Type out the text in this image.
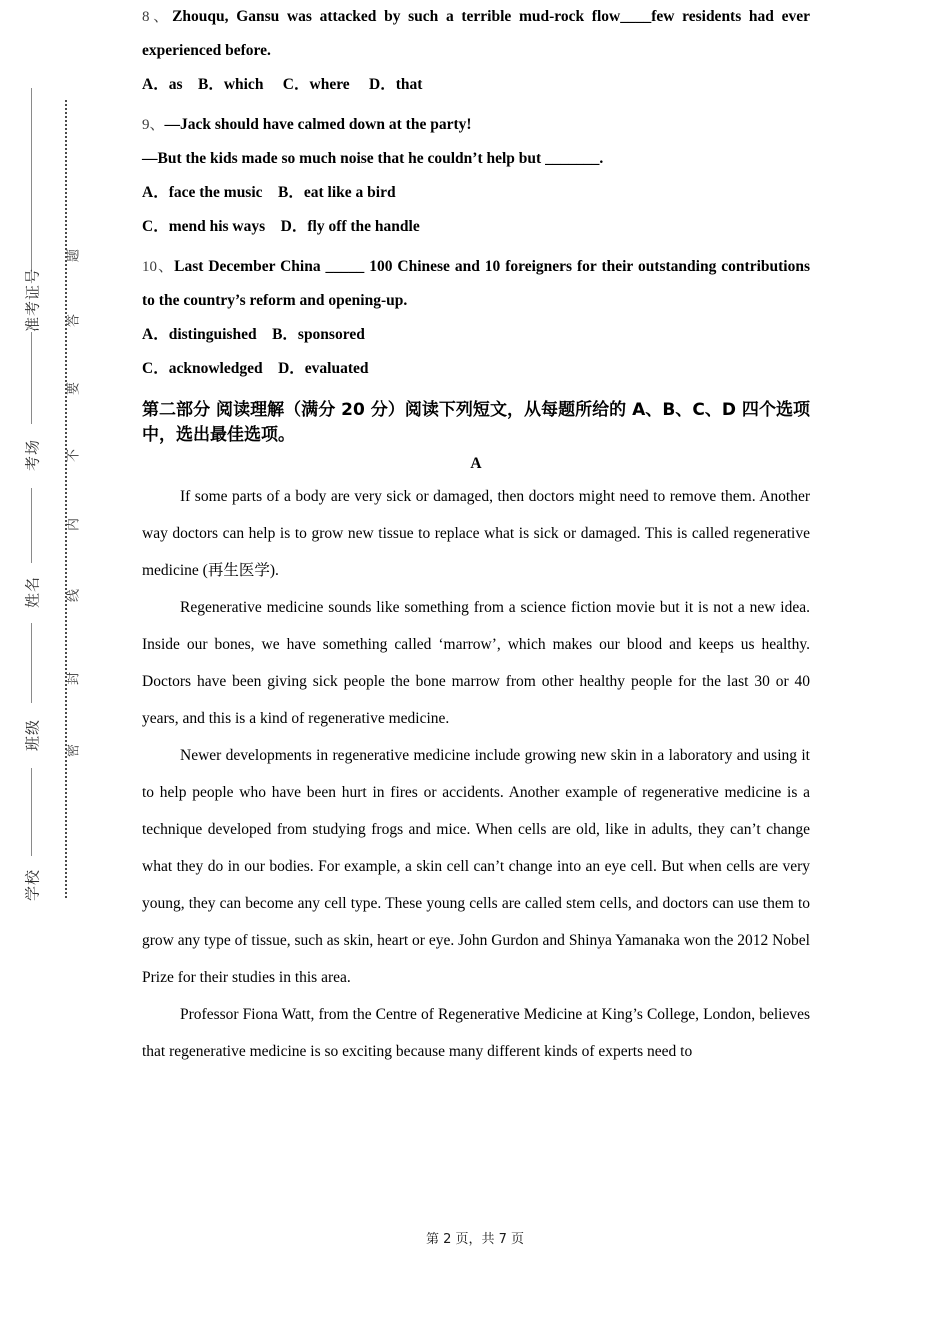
准考证号
考场
姓名
班级
学校
题
答
要
不
内
线
封
密

8、Zhouqu, Gansu was attacked by such a terrible mud-rock flow____few residents had ever experienced before.

A．as    B．which     C．where     D．that

9、—Jack should have calmed down at the party!

—But the kids made so much noise that he couldn’t help but _______.

A．face the music    B．eat like a bird

C．mend his ways    D．fly off the handle

10、Last December China _____ 100 Chinese and 10 foreigners for their outstanding contributions to the country’s reform and opening-up.

A．distinguished    B．sponsored

C．acknowledged    D．evaluated

第二部分 阅读理解（满分 20 分）阅读下列短文，从每题所给的 A、B、C、D 四个选项中，选出最佳选项。

A

If some parts of a body are very sick or damaged, then doctors might need to remove them. Another way doctors can help is to grow new tissue to replace what is sick or damaged. This is called regenerative medicine (再生医学).

Regenerative medicine sounds like something from a science fiction movie but it is not a new idea. Inside our bones, we have something called ‘marrow’, which makes our blood and keeps us healthy. Doctors have been giving sick people the bone marrow from other healthy people for the last 30 or 40 years, and this is a kind of regenerative medicine.

Newer developments in regenerative medicine include growing new skin in a laboratory and using it to help people who have been hurt in fires or accidents. Another example of regenerative medicine is a technique developed from studying frogs and mice. When cells are old, like in adults, they can’t change what they do in our bodies. For example, a skin cell can’t change into an eye cell. But when cells are very young, they can become any cell type. These young cells are called stem cells, and doctors can use them to grow any type of tissue, such as skin, heart or eye. John Gurdon and Shinya Yamanaka won the 2012 Nobel Prize for their studies in this area.

Professor Fiona Watt, from the Centre of Regenerative Medicine at King’s College, London, believes that regenerative medicine is so exciting because many different kinds of experts need to

第 2 页，共 7 页
